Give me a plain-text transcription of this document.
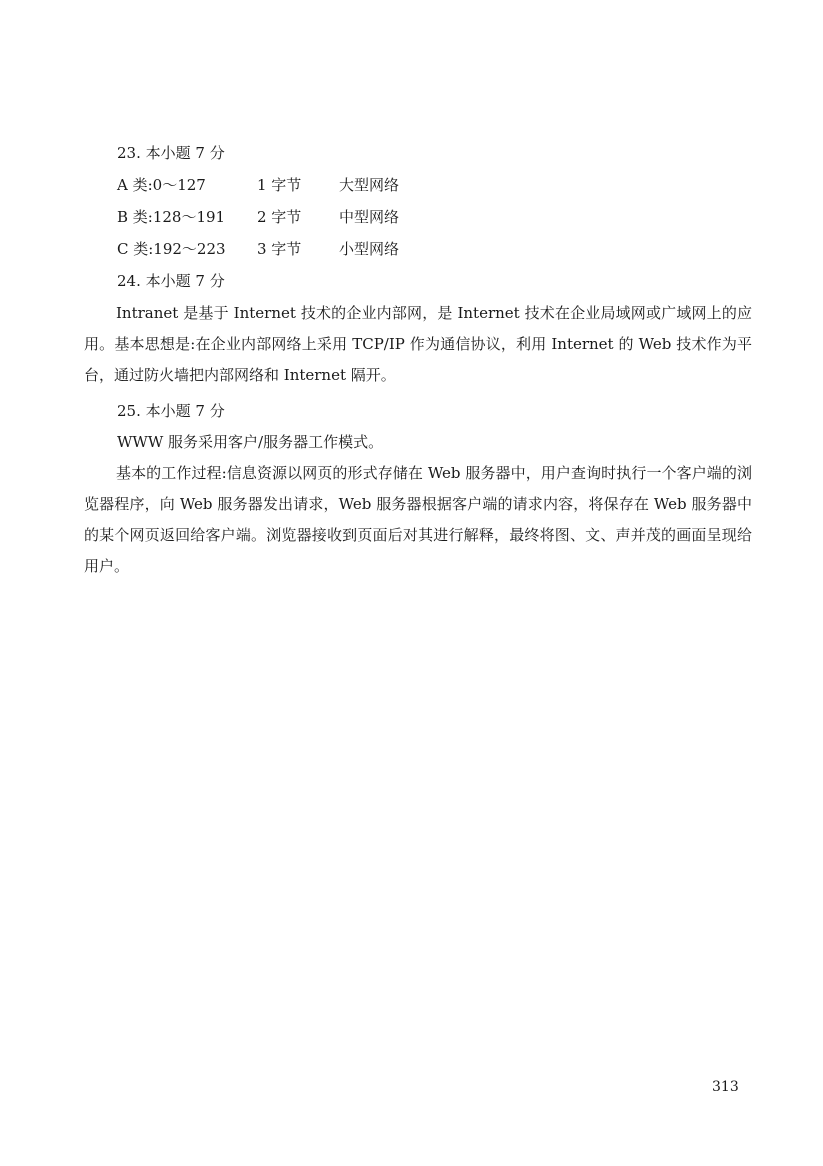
23. 本小题 7 分
A 类:0～127	1 字节	大型网络
B 类:128～191 2 字节	中型网络
C 类:192～223 3 字节	小型网络
24. 本小题 7 分
Intranet 是基于 Internet 技术的企业内部网，是 Internet 技术在企业局域网或广域网上的应用。基本思想是:在企业内部网络上采用 TCP/IP 作为通信协议，利用 Internet 的 Web 技术作为平台，通过防火墙把内部网络和 Internet 隔开。
25. 本小题 7 分
WWW 服务采用客户/服务器工作模式。
基本的工作过程:信息资源以网页的形式存储在 Web 服务器中，用户查询时执行一个客户端的浏览器程序，向 Web 服务器发出请求，Web 服务器根据客户端的请求内容，将保存在 Web 服务器中的某个网页返回给客户端。浏览器接收到页面后对其进行解释，最终将图、文、声并茂的画面呈现给用户。
313
